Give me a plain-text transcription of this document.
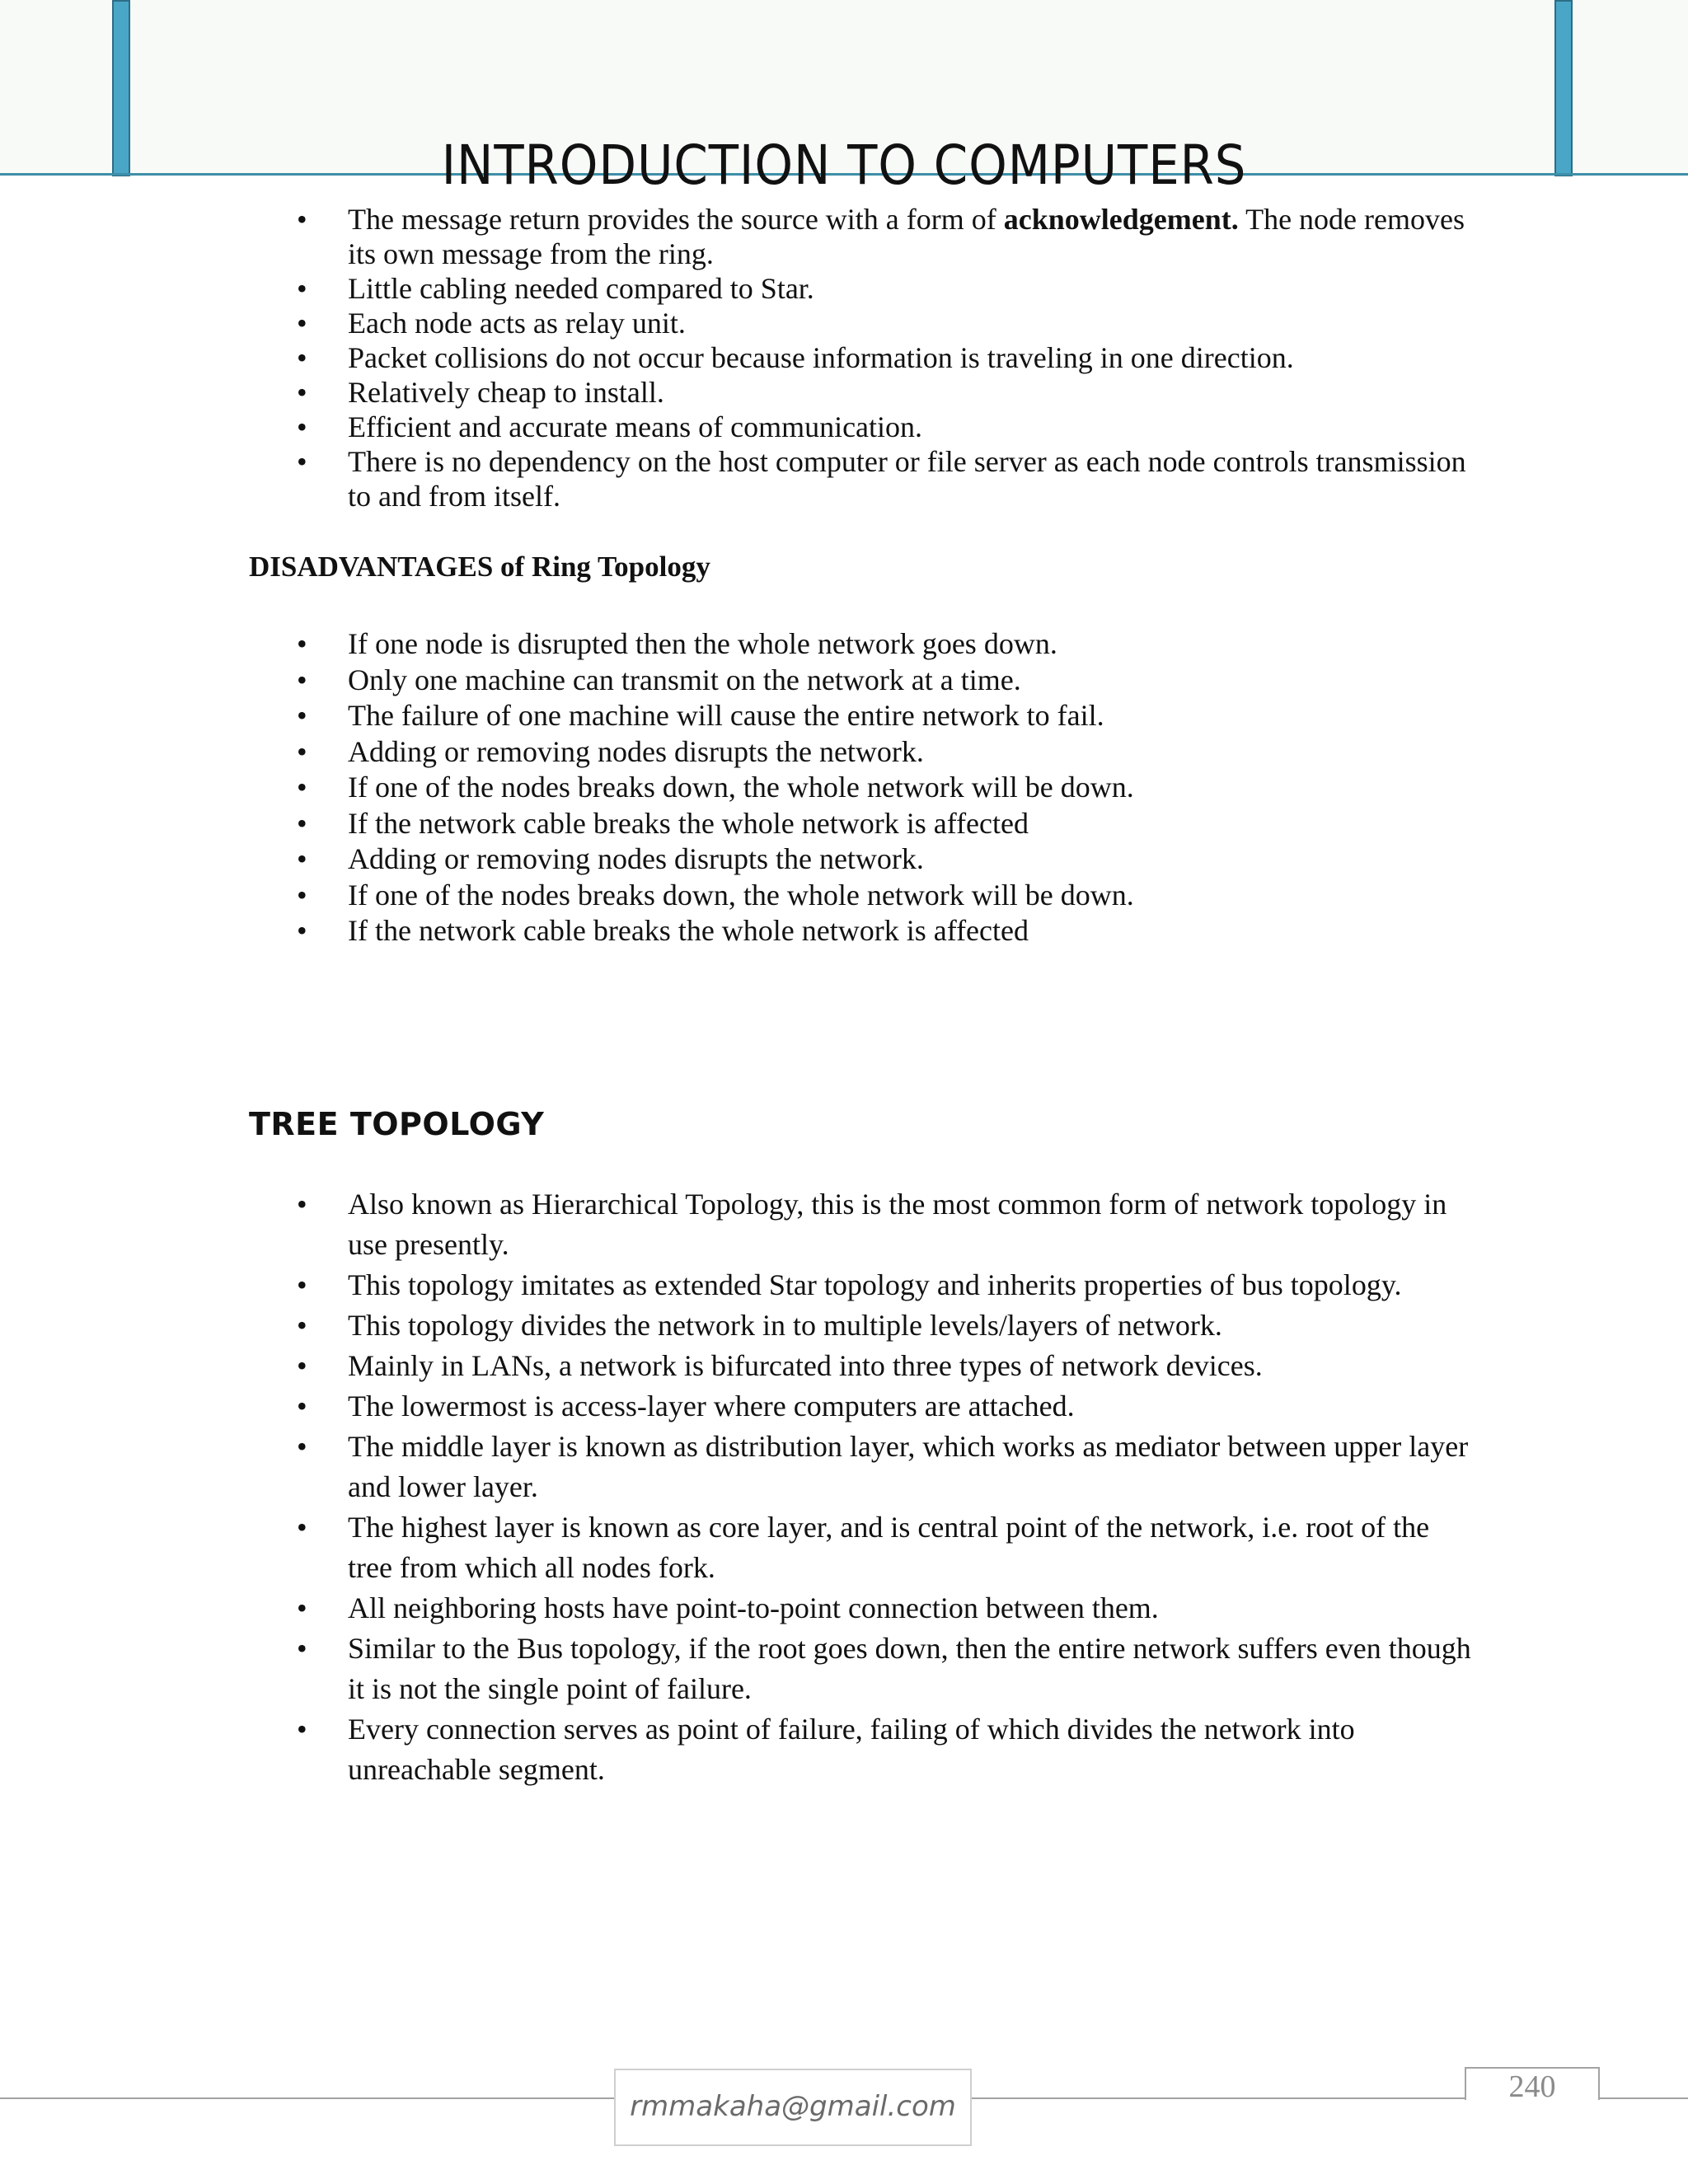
INTRODUCTION TO COMPUTERS
• The message return provides the source with a form of acknowledgement. The node removes its own message from the ring.
• Little cabling needed compared to Star.
• Each node acts as relay unit.
• Packet collisions do not occur because information is traveling in one direction.
• Relatively cheap to install.
• Efficient and accurate means of communication.
• There is no dependency on the host computer or file server as each node controls transmission to and from itself.
DISADVANTAGES of Ring Topology
• If one node is disrupted then the whole network goes down.
• Only one machine can transmit on the network at a time.
• The failure of one machine will cause the entire network to fail.
• Adding or removing nodes disrupts the network.
• If one of the nodes breaks down, the whole network will be down.
• If the network cable breaks the whole network is affected
• Adding or removing nodes disrupts the network.
• If one of the nodes breaks down, the whole network will be down.
• If the network cable breaks the whole network is affected
TREE TOPOLOGY
• Also known as Hierarchical Topology, this is the most common form of network topology in use presently.
• This topology imitates as extended Star topology and inherits properties of bus topology.
• This topology divides the network in to multiple levels/layers of network.
• Mainly in LANs, a network is bifurcated into three types of network devices.
• The lowermost is access-layer where computers are attached.
• The middle layer is known as distribution layer, which works as mediator between upper layer and lower layer.
• The highest layer is known as core layer, and is central point of the network, i.e. root of the tree from which all nodes fork.
• All neighboring hosts have point-to-point connection between them.
• Similar to the Bus topology, if the root goes down, then the entire network suffers even though it is not the single point of failure.
• Every connection serves as point of failure, failing of which divides the network into unreachable segment.
rmmakaha@gmail.com
240
